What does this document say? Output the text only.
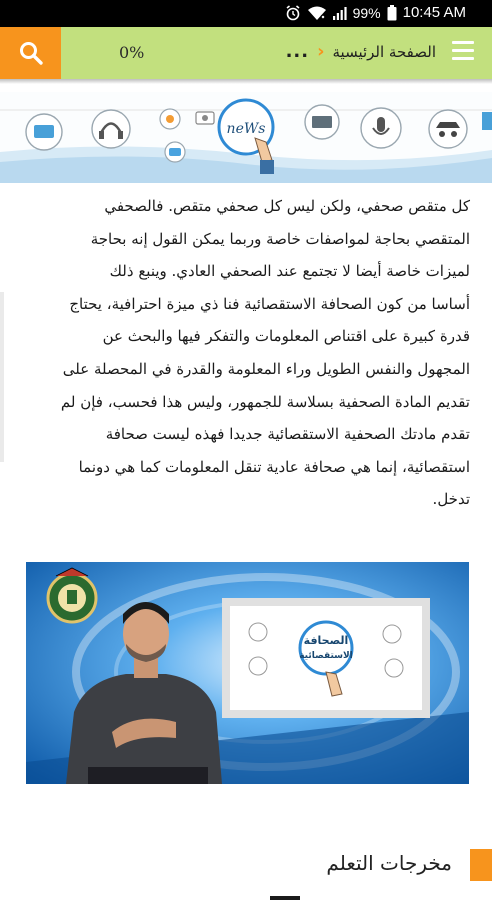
99% 10:45 AM
0%	الصفحة الرئيسية
‹
...
neWs
كل متقص صحفي، ولكن ليس كل صحفي متقص. فالصحفي
المتقصي بحاجة لمواصفات خاصة وربما يمكن القول إنه بحاجة
لميزات خاصة أيضا لا تجتمع عند الصحفي العادي. وينبع ذلك
أساسا من كون الصحافة الاستقصائية فنا ذي ميزة احترافية، يحتاج
قدرة كبيرة على اقتناص المعلومات والتفكر فيها والبحث عن
المجهول والنفس الطويل وراء المعلومة والقدرة في المحصلة على
تقديم المادة الصحفية بسلاسة للجمهور، وليس هذا فحسب، فإن لم
تقدم مادتك الصحفية الاستقصائية جديدا فهذه ليست صحافة
استقصائية، إنما هي صحافة عادية تنقل المعلومات كما هي دونما
تدخل.
الصحافة
الاستقصائية
مخرجات التعلم
